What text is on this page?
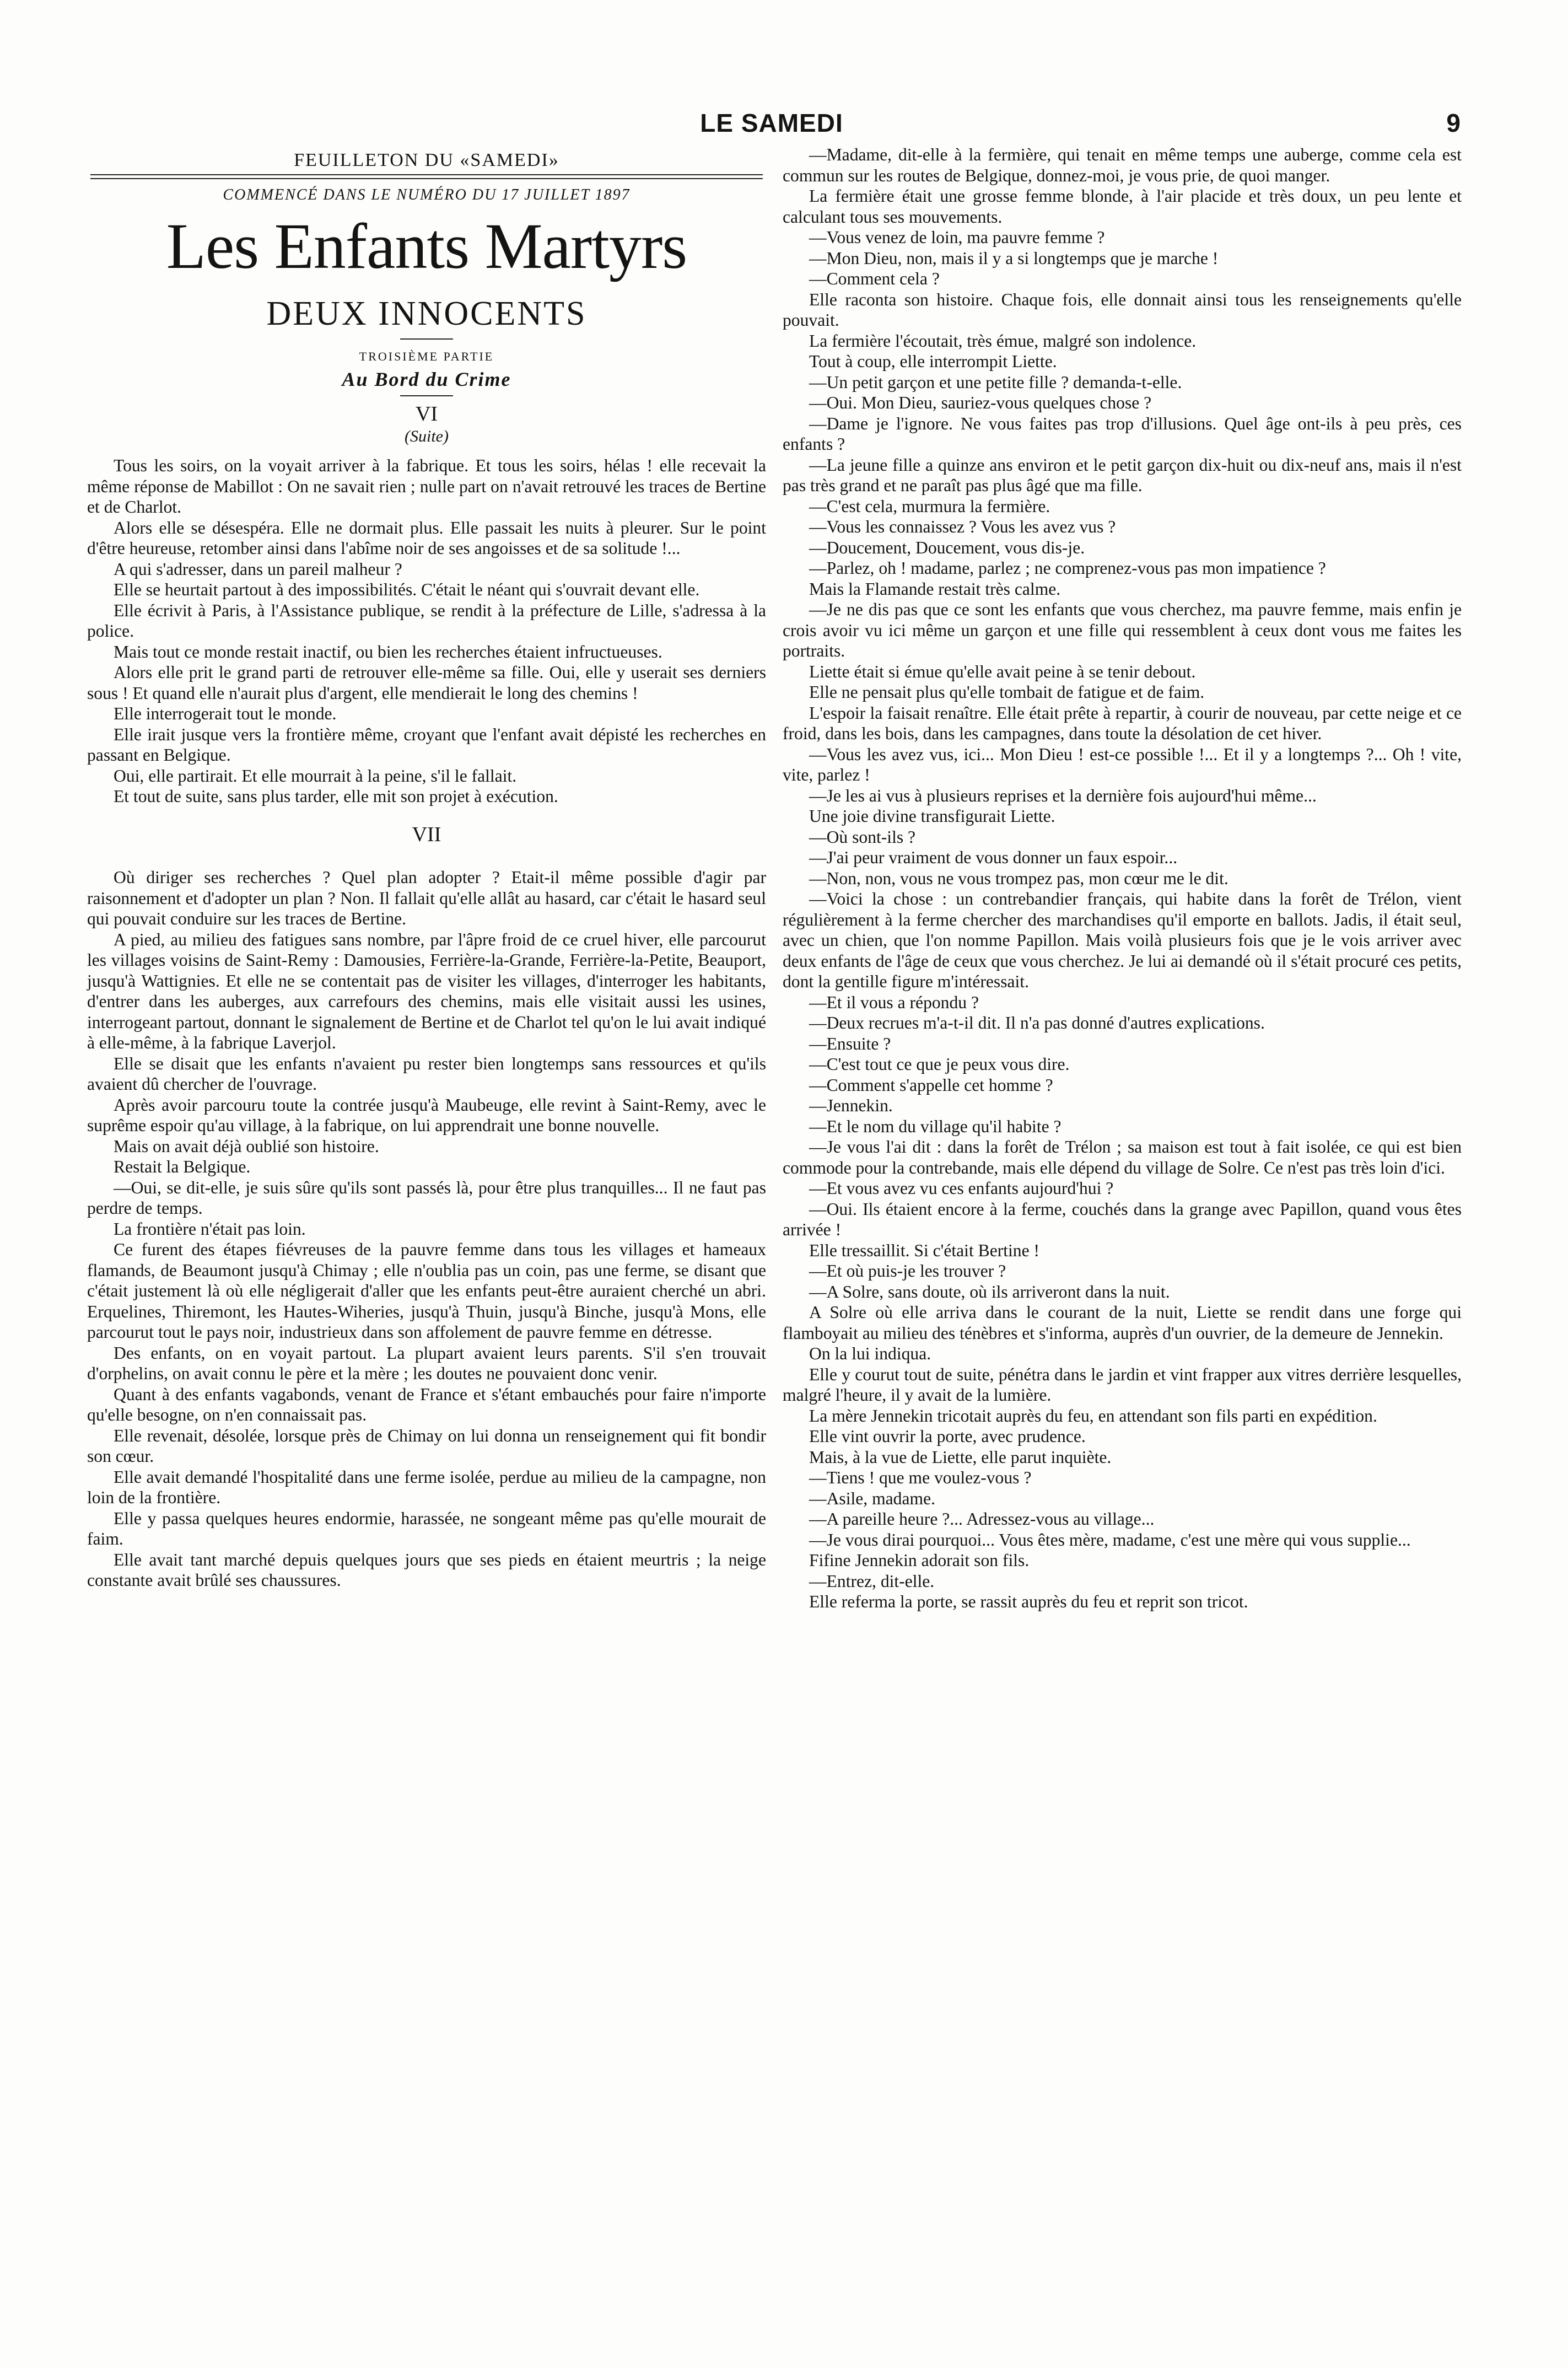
LE SAMEDI	9
FEUILLETON DU «SAMEDI»
COMMENCÉ DANS LE NUMÉRO DU 17 JUILLET 1897
Les Enfants Martyrs
DEUX INNOCENTS
TROISIÈME PARTIE
Au Bord du Crime
VI
(Suite)

Tous les soirs, on la voyait arriver à la fabrique. Et tous les soirs, hélas ! elle recevait la même réponse de Mabillot : On ne savait rien ; nulle part on n'avait retrouvé les traces de Bertine et de Charlot.

Alors elle se désespéra. Elle ne dormait plus. Elle passait les nuits à pleurer. Sur le point d'être heureuse, retomber ainsi dans l'abîme noir de ses angoisses et de sa solitude !...

A qui s'adresser, dans un pareil malheur ?

Elle se heurtait partout à des impossibilités. C'était le néant qui s'ouvrait devant elle.

Elle écrivit à Paris, à l'Assistance publique, se rendit à la préfecture de Lille, s'adressa à la police.

Mais tout ce monde restait inactif, ou bien les recherches étaient infructueuses.

Alors elle prit le grand parti de retrouver elle-même sa fille. Oui, elle y userait ses derniers sous ! Et quand elle n'aurait plus d'argent, elle mendierait le long des chemins !

Elle interrogerait tout le monde.

Elle irait jusque vers la frontière même, croyant que l'enfant avait dépisté les recherches en passant en Belgique.

Oui, elle partirait. Et elle mourrait à la peine, s'il le fallait.

Et tout de suite, sans plus tarder, elle mit son projet à exécution.

VII

Où diriger ses recherches ? Quel plan adopter ? Etait-il même possible d'agir par raisonnement et d'adopter un plan ? Non. Il fallait qu'elle allât au hasard, car c'était le hasard seul qui pouvait conduire sur les traces de Bertine.

A pied, au milieu des fatigues sans nombre, par l'âpre froid de ce cruel hiver, elle parcourut les villages voisins de Saint-Remy : Damousies, Ferrière-la-Grande, Ferrière-la-Petite, Beauport, jusqu'à Wattignies. Et elle ne se contentait pas de visiter les villages, d'interroger les habitants, d'entrer dans les auberges, aux carrefours des chemins, mais elle visitait aussi les usines, interrogeant partout, donnant le signalement de Bertine et de Charlot tel qu'on le lui avait indiqué à elle-même, à la fabrique Laverjol.

Elle se disait que les enfants n'avaient pu rester bien longtemps sans ressources et qu'ils avaient dû chercher de l'ouvrage.

Après avoir parcouru toute la contrée jusqu'à Maubeuge, elle revint à Saint-Remy, avec le suprême espoir qu'au village, à la fabrique, on lui apprendrait une bonne nouvelle.

Mais on avait déjà oublié son histoire.

Restait la Belgique.

—Oui, se dit-elle, je suis sûre qu'ils sont passés là, pour être plus tranquilles... Il ne faut pas perdre de temps.

La frontière n'était pas loin.

Ce furent des étapes fiévreuses de la pauvre femme dans tous les villages et hameaux flamands, de Beaumont jusqu'à Chimay ; elle n'oublia pas un coin, pas une ferme, se disant que c'était justement là où elle négligerait d'aller que les enfants peut-être auraient cherché un abri. Erquelines, Thiremont, les Hautes-Wiheries, jusqu'à Thuin, jusqu'à Binche, jusqu'à Mons, elle parcourut tout le pays noir, industrieux dans son affolement de pauvre femme en détresse.

Des enfants, on en voyait partout. La plupart avaient leurs parents. S'il s'en trouvait d'orphelins, on avait connu le père et la mère ; les doutes ne pouvaient donc venir.

Quant à des enfants vagabonds, venant de France et s'étant embauchés pour faire n'importe qu'elle besogne, on n'en connaissait pas.

Elle revenait, désolée, lorsque près de Chimay on lui donna un renseignement qui fit bondir son cœur.

Elle avait demandé l'hospitalité dans une ferme isolée, perdue au milieu de la campagne, non loin de la frontière.

Elle y passa quelques heures endormie, harassée, ne songeant même pas qu'elle mourait de faim.

Elle avait tant marché depuis quelques jours que ses pieds en étaient meurtris ; la neige constante avait brûlé ses chaussures.

—Madame, dit-elle à la fermière, qui tenait en même temps une auberge, comme cela est commun sur les routes de Belgique, donnez-moi, je vous prie, de quoi manger.

La fermière était une grosse femme blonde, à l'air placide et très doux, un peu lente et calculant tous ses mouvements.

—Vous venez de loin, ma pauvre femme ?

—Mon Dieu, non, mais il y a si longtemps que je marche !

—Comment cela ?

Elle raconta son histoire. Chaque fois, elle donnait ainsi tous les renseignements qu'elle pouvait.

La fermière l'écoutait, très émue, malgré son indolence.

Tout à coup, elle interrompit Liette.

—Un petit garçon et une petite fille ? demanda-t-elle.

—Oui. Mon Dieu, sauriez-vous quelques chose ?

—Dame je l'ignore. Ne vous faites pas trop d'illusions. Quel âge ont-ils à peu près, ces enfants ?

—La jeune fille a quinze ans environ et le petit garçon dix-huit ou dix-neuf ans, mais il n'est pas très grand et ne paraît pas plus âgé que ma fille.

—C'est cela, murmura la fermière.

—Vous les connaissez ? Vous les avez vus ?

—Doucement, Doucement, vous dis-je.

—Parlez, oh ! madame, parlez ; ne comprenez-vous pas mon impatience ?

Mais la Flamande restait très calme.

—Je ne dis pas que ce sont les enfants que vous cherchez, ma pauvre femme, mais enfin je crois avoir vu ici même un garçon et une fille qui ressemblent à ceux dont vous me faites les portraits.

Liette était si émue qu'elle avait peine à se tenir debout.

Elle ne pensait plus qu'elle tombait de fatigue et de faim.

L'espoir la faisait renaître. Elle était prête à repartir, à courir de nouveau, par cette neige et ce froid, dans les bois, dans les campagnes, dans toute la désolation de cet hiver.

—Vous les avez vus, ici... Mon Dieu ! est-ce possible !... Et il y a longtemps ?... Oh ! vite, vite, parlez !

—Je les ai vus à plusieurs reprises et la dernière fois aujourd'hui même...

Une joie divine transfigurait Liette.

—Où sont-ils ?

—J'ai peur vraiment de vous donner un faux espoir...

—Non, non, vous ne vous trompez pas, mon cœur me le dit.

—Voici la chose : un contrebandier français, qui habite dans la forêt de Trélon, vient régulièrement à la ferme chercher des marchandises qu'il emporte en ballots. Jadis, il était seul, avec un chien, que l'on nomme Papillon. Mais voilà plusieurs fois que je le vois arriver avec deux enfants de l'âge de ceux que vous cherchez. Je lui ai demandé où il s'était procuré ces petits, dont la gentille figure m'intéressait.

—Et il vous a répondu ?

—Deux recrues m'a-t-il dit. Il n'a pas donné d'autres explications.

—Ensuite ?

—C'est tout ce que je peux vous dire.

—Comment s'appelle cet homme ?

—Jennekin.

—Et le nom du village qu'il habite ?

—Je vous l'ai dit : dans la forêt de Trélon ; sa maison est tout à fait isolée, ce qui est bien commode pour la contrebande, mais elle dépend du village de Solre. Ce n'est pas très loin d'ici.

—Et vous avez vu ces enfants aujourd'hui ?

—Oui. Ils étaient encore à la ferme, couchés dans la grange avec Papillon, quand vous êtes arrivée !

Elle tressaillit. Si c'était Bertine !

—Et où puis-je les trouver ?

—A Solre, sans doute, où ils arriveront dans la nuit.

A Solre où elle arriva dans le courant de la nuit, Liette se rendit dans une forge qui flamboyait au milieu des ténèbres et s'informa, auprès d'un ouvrier, de la demeure de Jennekin.

On la lui indiqua.

Elle y courut tout de suite, pénétra dans le jardin et vint frapper aux vitres derrière lesquelles, malgré l'heure, il y avait de la lumière.

La mère Jennekin tricotait auprès du feu, en attendant son fils parti en expédition.

Elle vint ouvrir la porte, avec prudence.

Mais, à la vue de Liette, elle parut inquiète.

—Tiens ! que me voulez-vous ?

—Asile, madame.

—A pareille heure ?... Adressez-vous au village...

—Je vous dirai pourquoi... Vous êtes mère, madame, c'est une mère qui vous supplie...

Fifine Jennekin adorait son fils.

—Entrez, dit-elle.

Elle referma la porte, se rassit auprès du feu et reprit son tricot.
